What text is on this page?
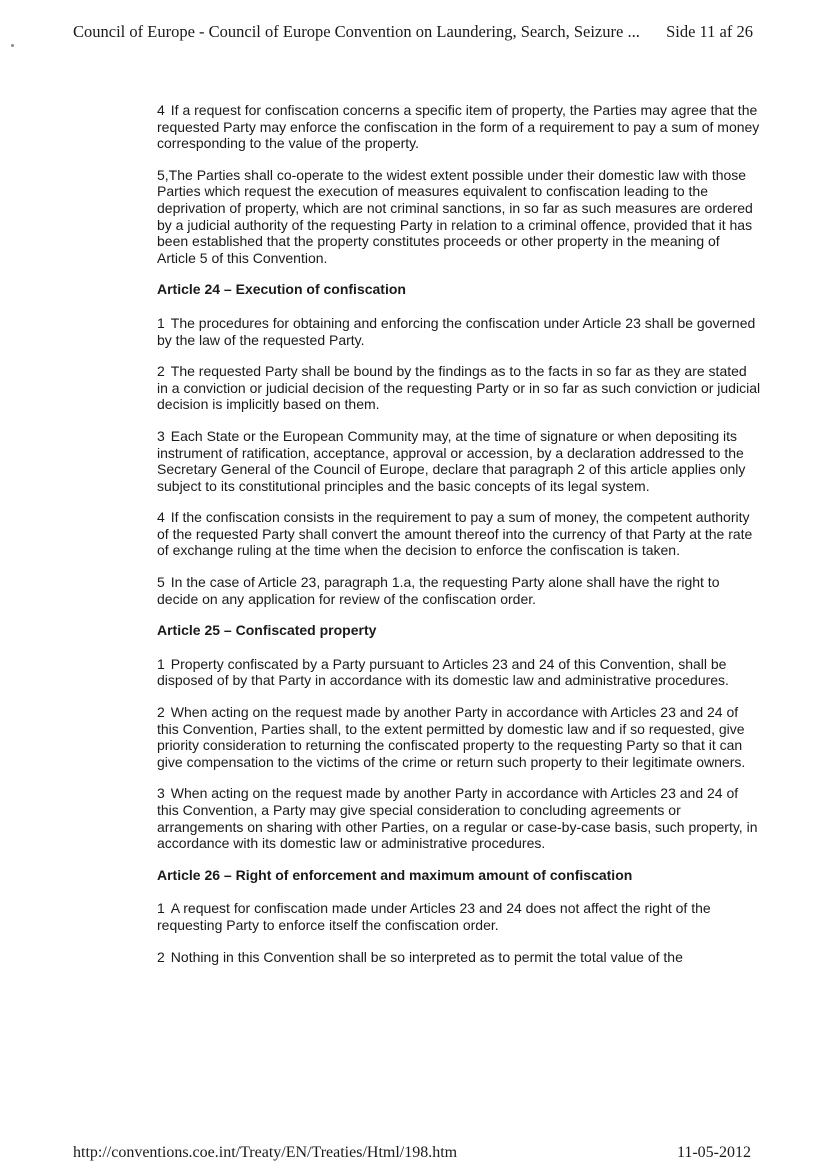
Council of Europe - Council of Europe Convention on Laundering, Search, Seizure ... Side 11 af 26

4 If a request for confiscation concerns a specific item of property, the Parties may agree that the requested Party may enforce the confiscation in the form of a requirement to pay a sum of money corresponding to the value of the property.

5,The Parties shall co-operate to the widest extent possible under their domestic law with those Parties which request the execution of measures equivalent to confiscation leading to the deprivation of property, which are not criminal sanctions, in so far as such measures are ordered by a judicial authority of the requesting Party in relation to a criminal offence, provided that it has been established that the property constitutes proceeds or other property in the meaning of Article 5 of this Convention.

Article 24 – Execution of confiscation

1 The procedures for obtaining and enforcing the confiscation under Article 23 shall be governed by the law of the requested Party.

2 The requested Party shall be bound by the findings as to the facts in so far as they are stated in a conviction or judicial decision of the requesting Party or in so far as such conviction or judicial decision is implicitly based on them.

3 Each State or the European Community may, at the time of signature or when depositing its instrument of ratification, acceptance, approval or accession, by a declaration addressed to the Secretary General of the Council of Europe, declare that paragraph 2 of this article applies only subject to its constitutional principles and the basic concepts of its legal system.

4 If the confiscation consists in the requirement to pay a sum of money, the competent authority of the requested Party shall convert the amount thereof into the currency of that Party at the rate of exchange ruling at the time when the decision to enforce the confiscation is taken.

5 In the case of Article 23, paragraph 1.a, the requesting Party alone shall have the right to decide on any application for review of the confiscation order.

Article 25 – Confiscated property

1 Property confiscated by a Party pursuant to Articles 23 and 24 of this Convention, shall be disposed of by that Party in accordance with its domestic law and administrative procedures.

2 When acting on the request made by another Party in accordance with Articles 23 and 24 of this Convention, Parties shall, to the extent permitted by domestic law and if so requested, give priority consideration to returning the confiscated property to the requesting Party so that it can give compensation to the victims of the crime or return such property to their legitimate owners.

3 When acting on the request made by another Party in accordance with Articles 23 and 24 of this Convention, a Party may give special consideration to concluding agreements or arrangements on sharing with other Parties, on a regular or case-by-case basis, such property, in accordance with its domestic law or administrative procedures.

Article 26 – Right of enforcement and maximum amount of confiscation

1 A request for confiscation made under Articles 23 and 24 does not affect the right of the requesting Party to enforce itself the confiscation order.

2 Nothing in this Convention shall be so interpreted as to permit the total value of the

http://conventions.coe.int/Treaty/EN/Treaties/Html/198.htm	11-05-2012
